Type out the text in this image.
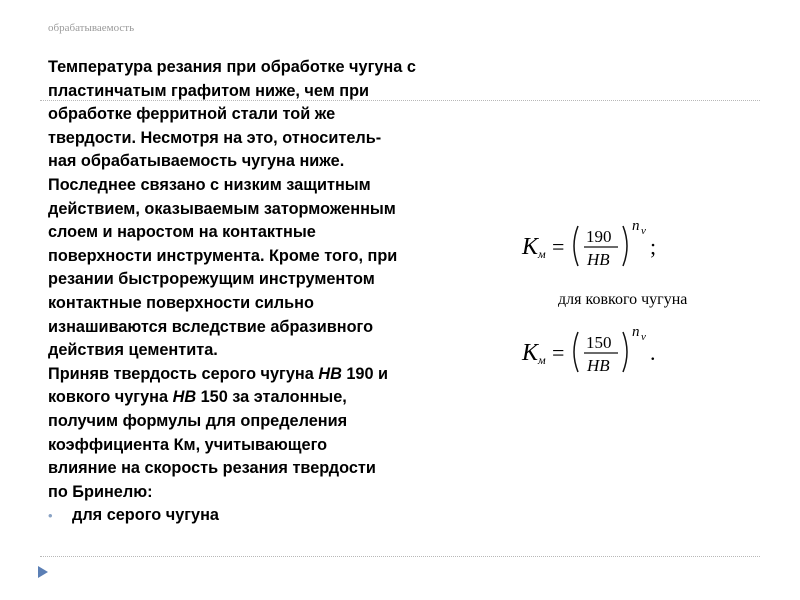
обрабатываемость

Температура резания при обработке чугуна с
пластинчатым графитом ниже, чем при
обработке ферритной стали той же
твердости. Несмотря на это, относитель-
ная обрабатываемость чугуна ниже.

Последнее связано с низким защитным
действием, оказываемым заторможенным
слоем и наростом на контактные
поверхности инструмента. Кроме того, при
резании быстрорежущим инструментом
контактные поверхности сильно
изнашиваются вследствие абразивного
действия цементита.

Приняв твердость серого чугуна НВ 190 и
ковкого чугуна НВ 150 за эталонные,
получим формулы для определения
коэффициента Км, учитывающего
влияние на скорость резания твердости
по Бринелю:

• для серого чугуна

K м = 190
HB
n v
;
для ковкого чугуна
K м = 150
HB
n v
.
